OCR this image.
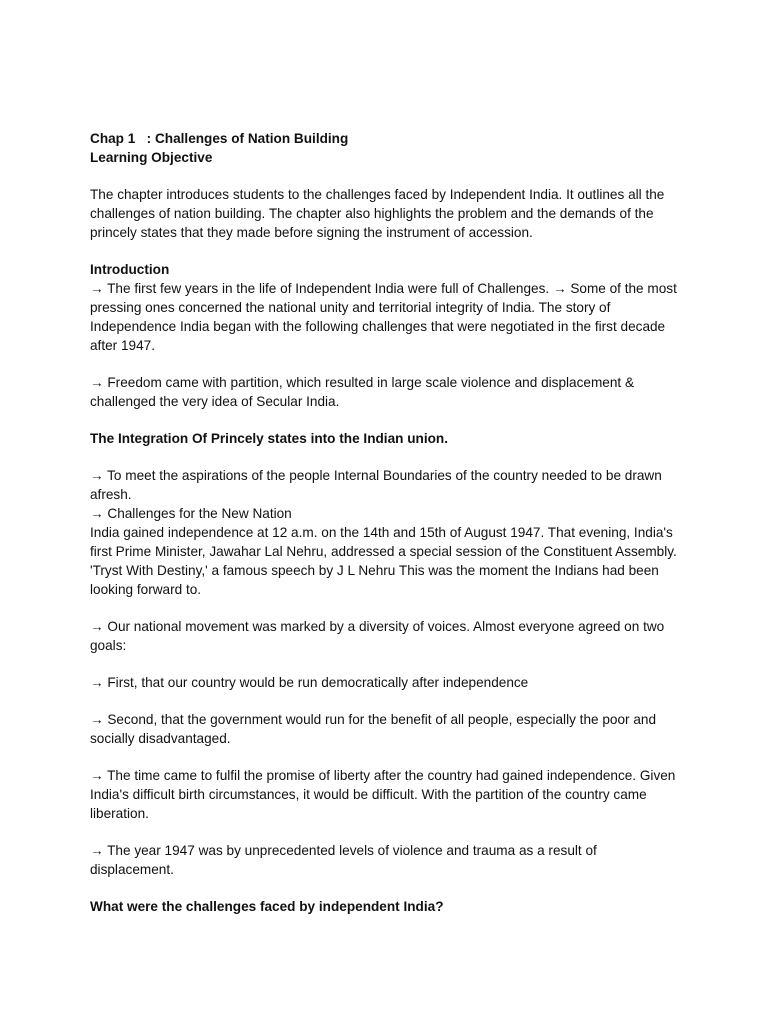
Chap 1   : Challenges of Nation Building

Learning Objective

The chapter introduces students to the challenges faced by Independent India. It outlines all the challenges of nation building. The chapter also highlights the problem and the demands of the princely states that they made before signing the instrument of accession.

Introduction

→ The first few years in the life of Independent India were full of Challenges. → Some of the most pressing ones concerned the national unity and territorial integrity of India. The story of Independence India began with the following challenges that were negotiated in the first decade after 1947.

→ Freedom came with partition, which resulted in large scale violence and displacement & challenged the very idea of Secular India.

The Integration Of Princely states into the Indian union.

→ To meet the aspirations of the people Internal Boundaries of the country needed to be drawn afresh.

→ Challenges for the New Nation

India gained independence at 12 a.m. on the 14th and 15th of August 1947. That evening, India's first Prime Minister, Jawahar Lal Nehru, addressed a special session of the Constituent Assembly. 'Tryst With Destiny,' a famous speech by J L Nehru This was the moment the Indians had been looking forward to.

→ Our national movement was marked by a diversity of voices. Almost everyone agreed on two goals:

→ First, that our country would be run democratically after independence

→ Second, that the government would run for the benefit of all people, especially the poor and socially disadvantaged.

→ The time came to fulfil the promise of liberty after the country had gained independence. Given India's difficult birth circumstances, it would be difficult. With the partition of the country came liberation.

→ The year 1947 was by unprecedented levels of violence and trauma as a result of displacement.

What were the challenges faced by independent India?
